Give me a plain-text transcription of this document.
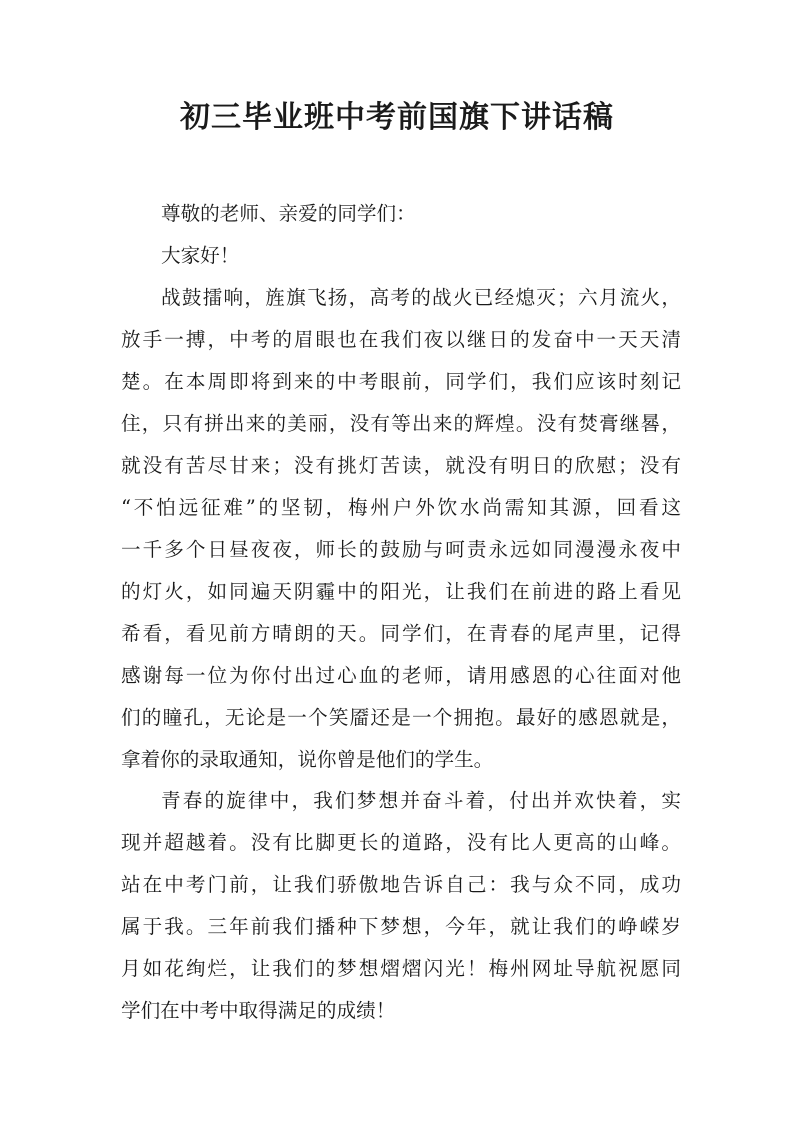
初三毕业班中考前国旗下讲话稿
尊敬的老师、亲爱的同学们：
大家好！
战鼓擂响，旌旗飞扬，高考的战火已经熄灭；六月流火，
放手一搏，中考的眉眼也在我们夜以继日的发奋中一天天清
楚。在本周即将到来的中考眼前，同学们，我们应该时刻记
住，只有拼出来的美丽，没有等出来的辉煌。没有焚膏继晷，
就没有苦尽甘来；没有挑灯苦读，就没有明日的欣慰；没有
“不怕远征难”的坚韧，梅州户外饮水尚需知其源，回看这
一千多个日昼夜夜，师长的鼓励与呵责永远如同漫漫永夜中
的灯火，如同遍天阴霾中的阳光，让我们在前进的路上看见
希看，看见前方晴朗的天。同学们，在青春的尾声里，记得
感谢每一位为你付出过心血的老师，请用感恩的心往面对他
们的瞳孔，无论是一个笑靥还是一个拥抱。最好的感恩就是，
拿着你的录取通知，说你曾是他们的学生。
青春的旋律中，我们梦想并奋斗着，付出并欢快着，实
现并超越着。没有比脚更长的道路，没有比人更高的山峰。
站在中考门前，让我们骄傲地告诉自己：我与众不同，成功
属于我。三年前我们播种下梦想，今年，就让我们的峥嵘岁
月如花绚烂，让我们的梦想熠熠闪光！梅州网址导航祝愿同
学们在中考中取得满足的成绩！
